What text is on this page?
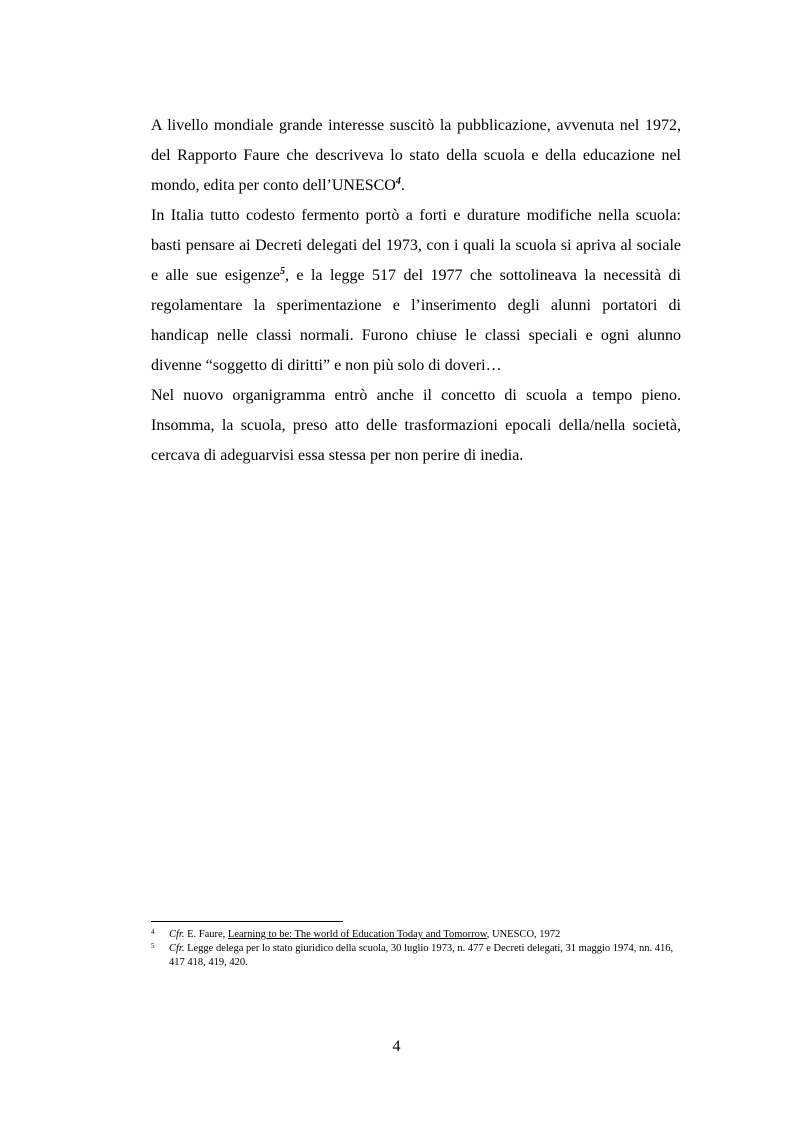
A livello mondiale grande interesse suscitò la pubblicazione, avvenuta nel 1972, del Rapporto Faure che descriveva lo stato della scuola e della educazione nel mondo, edita per conto dell’UNESCO$^4$.

In Italia tutto codesto fermento portò a forti e durature modifiche nella scuola: basti pensare ai Decreti delegati del 1973, con i quali la scuola si apriva al sociale e alle sue esigenze$^5$, e la legge 517 del 1977 che sottolineava la necessità di regolamentare la sperimentazione e l’inserimento degli alunni portatori di handicap nelle classi normali. Furono chiuse le classi speciali e ogni alunno divenne “soggetto di diritti” e non più solo di doveri…

Nel nuovo organigramma entrò anche il concetto di scuola a tempo pieno. Insomma, la scuola, preso atto delle trasformazioni epocali della/nella società, cercava di adeguarvisi essa stessa per non perire di inedia.

4 Cfr. E. Faure, Learning to be: The world of Education Today and Tomorrow, UNESCO, 1972

5 Cfr. Legge delega per lo stato giuridico della scuola, 30 luglio 1973, n. 477 e Decreti delegati, 31 maggio 1974, nn. 416, 417 418, 419, 420.

4
